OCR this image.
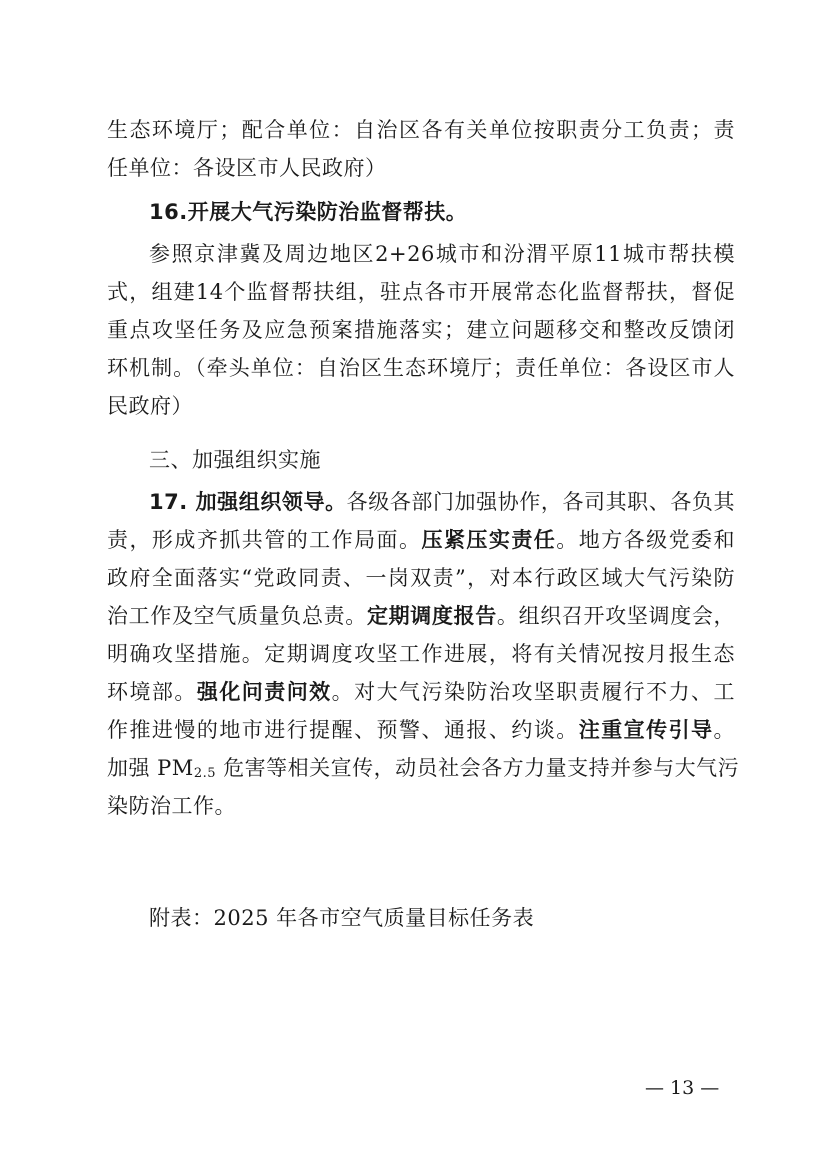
生态环境厅；配合单位：自治区各有关单位按职责分工负责；责
任单位：各设区市人民政府）
16.开展大气污染防治监督帮扶。
参照京津冀及周边地区2+26城市和汾渭平原11城市帮扶模
式，组建14个监督帮扶组，驻点各市开展常态化监督帮扶，督促
重点攻坚任务及应急预案措施落实；建立问题移交和整改反馈闭
环机制。（牵头单位：自治区生态环境厅；责任单位：各设区市人
民政府）
三、加强组织实施
17. 加强组织领导。各级各部门加强协作，各司其职、各负其
责，形成齐抓共管的工作局面。压紧压实责任。地方各级党委和
政府全面落实“党政同责、一岗双责”，对本行政区域大气污染防
治工作及空气质量负总责。定期调度报告。组织召开攻坚调度会，
明确攻坚措施。定期调度攻坚工作进展，将有关情况按月报生态
环境部。强化问责问效。对大气污染防治攻坚职责履行不力、工
作推进慢的地市进行提醒、预警、通报、约谈。注重宣传引导。
加强 $PM_{2.5}$ 危害等相关宣传，动员社会各方力量支持并参与大气污
染防治工作。
附表：2025 年各市空气质量目标任务表
— 13 —
